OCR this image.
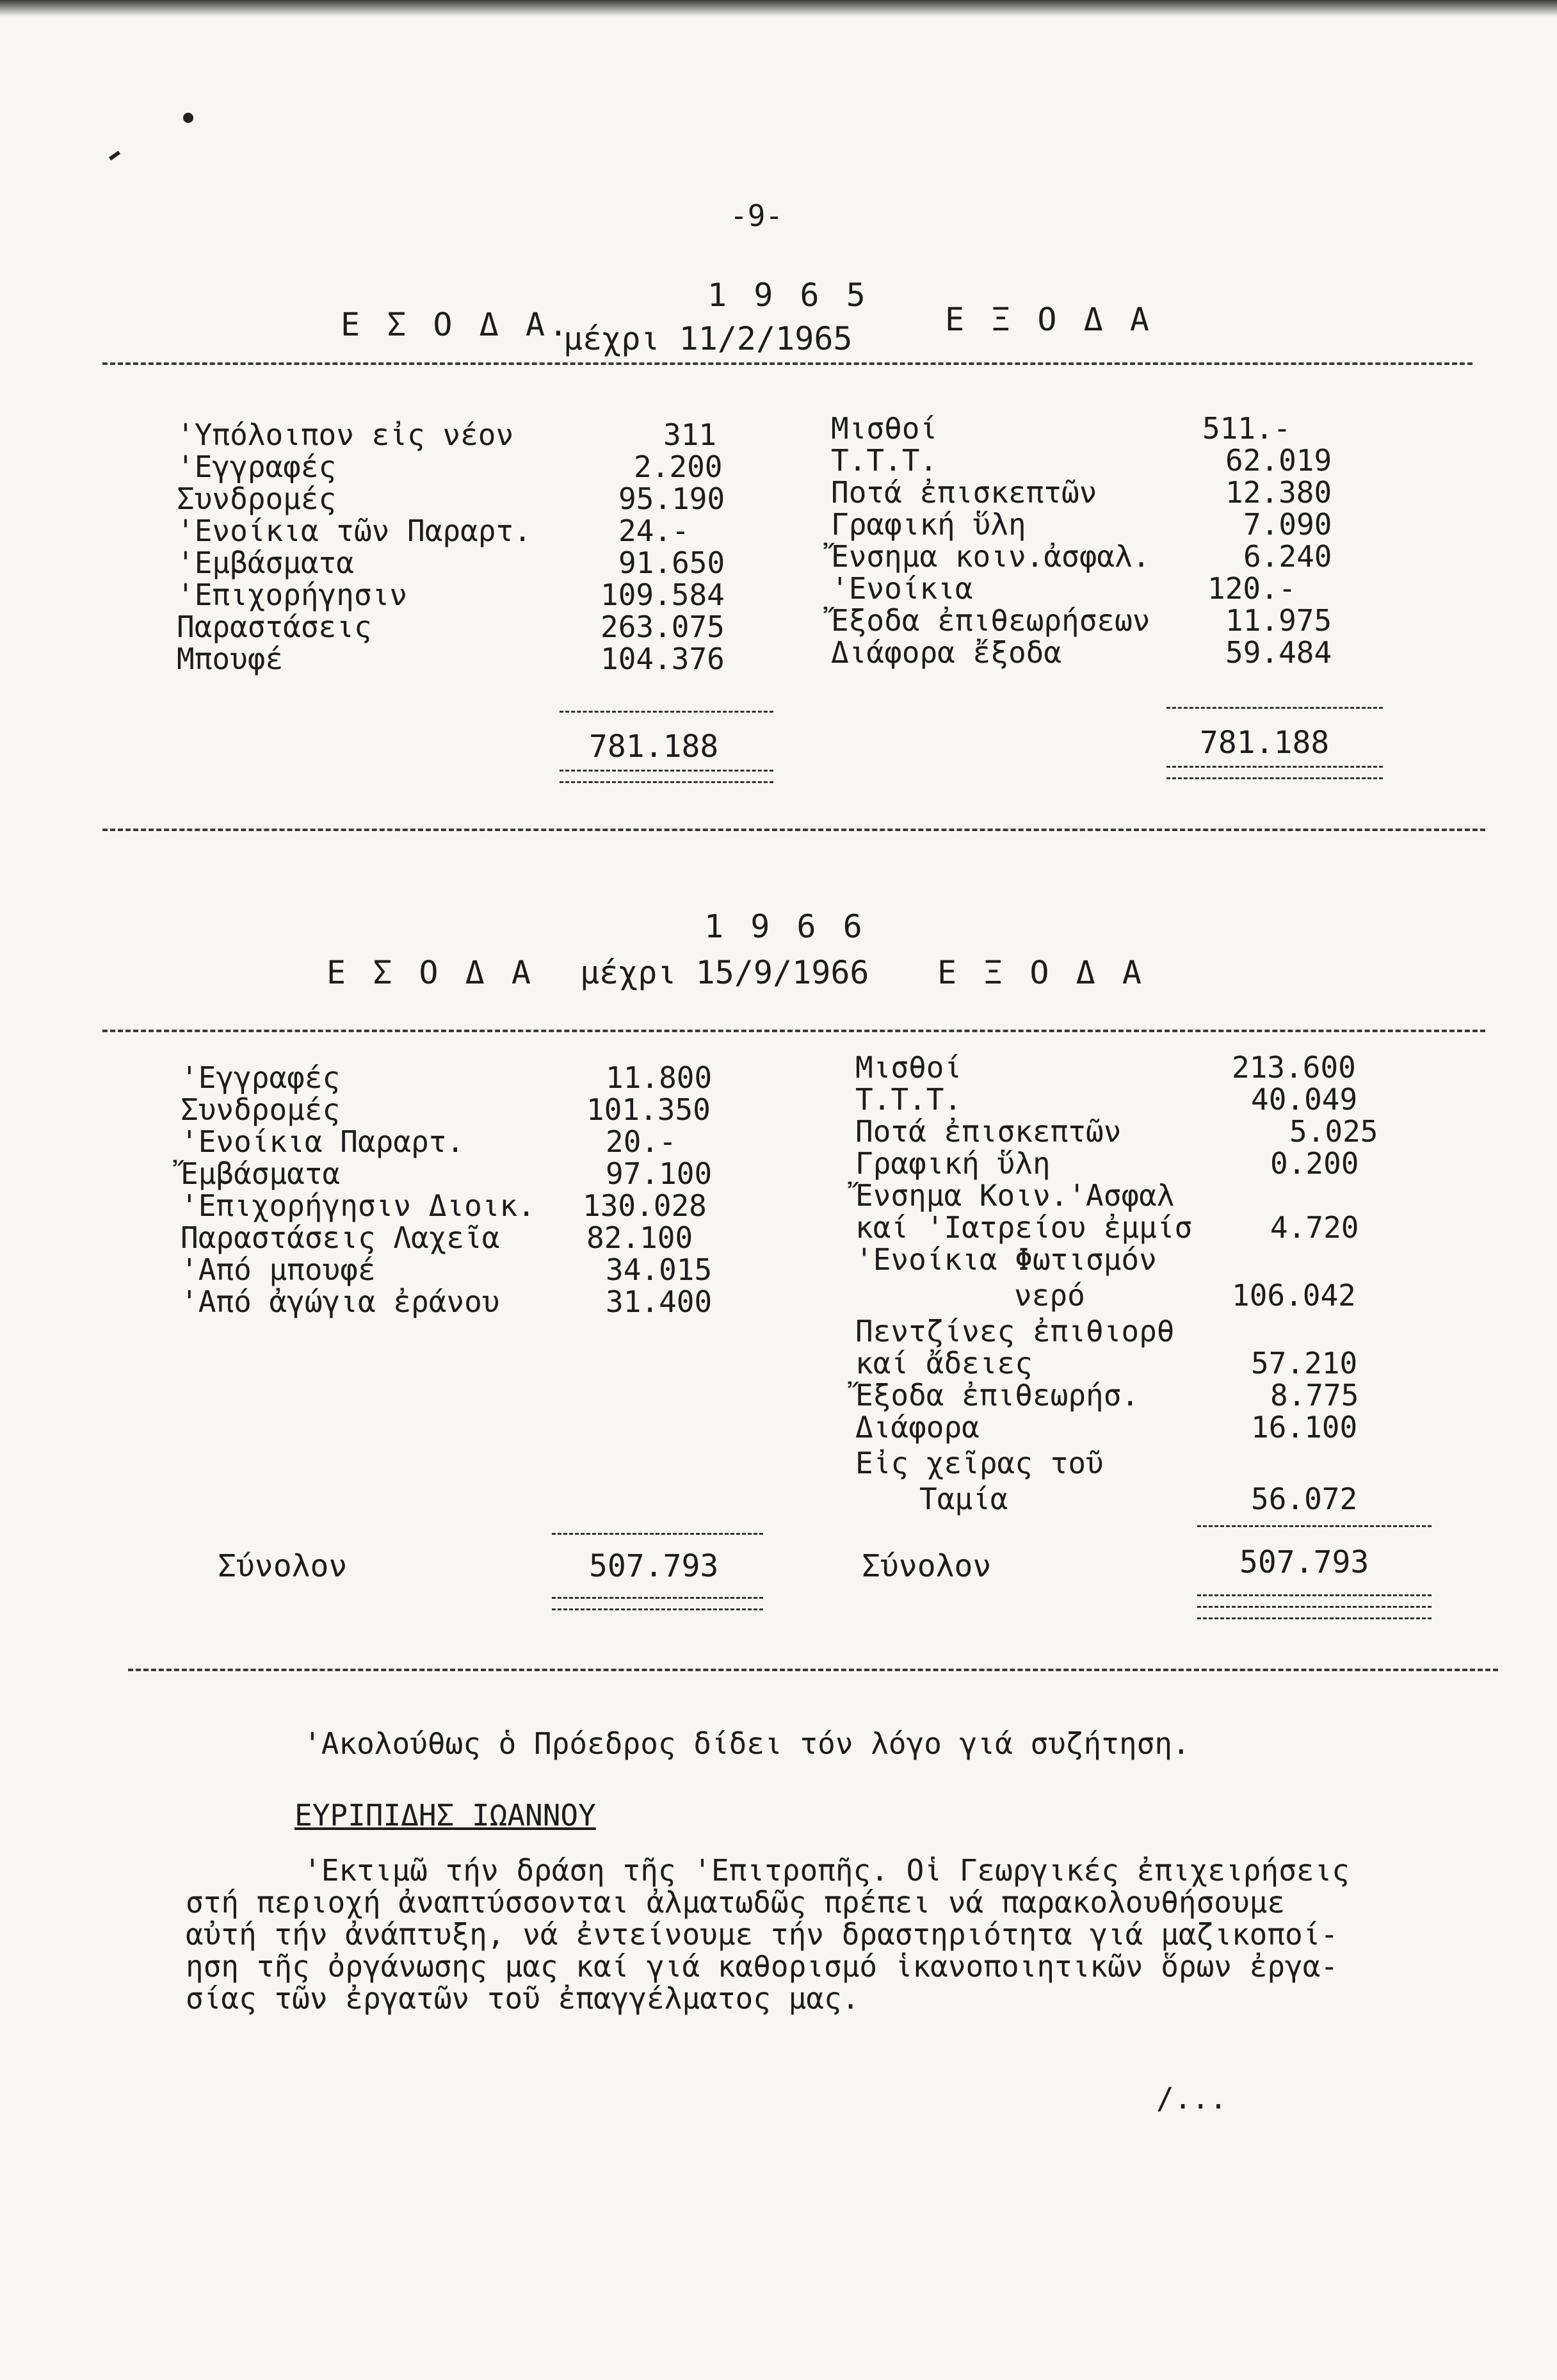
-9-
1 9 6 5
Ε Σ Ο Δ Α.
μέχρι 11/2/1965
Ε Ξ Ο Δ Α
'Υπόλοιπον εἰς νέον	311
'Εγγραφές	2.200
Συνδρομές	95.190
'Ενοίκια τῶν Παραρτ.	24.-
'Εμβάσματα	91.650
'Επιχορήγησιν	109.584
Παραστάσεις	263.075
Μπουφέ	104.376
Μισθοί	511.-
Τ.Τ.Τ.	62.019
Ποτά ἐπισκεπτῶν	12.380
Γραφική ὕλη	7.090
Ἔνσημα κοιν.ἀσφαλ.	6.240
'Ενοίκια	120.-
Ἔξοδα ἐπιθεωρήσεων	11.975
Διάφορα ἔξοδα	59.484
781.188	781.188
1 9 6 6
Ε Σ Ο Δ Α μέχρι 15/9/1966 Ε Ξ Ο Δ Α
'Εγγραφές	11.800
Συνδρομές	101.350
'Ενοίκια Παραρτ.	20.-
Ἔμβάσματα	97.100
'Επιχορήγησιν Διοικ. 130.028
Παραστάσεις Λαχεῖα	82.100
'Από μπουφέ	34.015
'Από ἀγώγια ἐράνου	31.400
Μισθοί	213.600
Τ.Τ.Τ.	40.049
Ποτά ἐπισκεπτῶν	5.025
Γραφική ὕλη	0.200
Ἔνσημα Κοιν.'Ασφαλ
καί 'Ιατρείου ἐμμίσ	4.720
'Ενοίκια Φωτισμόν
νερό	106.042
Πεντζίνες ἐπιθιορθ
καί ἄδειες	57.210
Ἔξοδα ἐπιθεωρήσ.	8.775
Διάφορα	16.100
Εἰς χεῖρας τοῦ
Ταμία	56.072
Σύνολον	507.793	Σύνολον	507.793
'Ακολούθως ὁ Πρόεδρος δίδει τόν λόγο γιά συζήτηση.
ΕΥΡΙΠΙΔΗΣ ΙΩΑΝΝΟΥ
'Εκτιμῶ τήν δράση τῆς 'Επιτροπῆς. Οἱ Γεωργικές ἐπιχειρήσεις
στή περιοχή ἀναπτύσσονται ἀλματωδῶς πρέπει νά παρακολουθήσουμε
αὐτή τήν ἀνάπτυξη, νά ἐντείνουμε τήν δραστηριότητα γιά μαζικοποί-
ηση τῆς ὀργάνωσης μας καί γιά καθορισμό ἱκανοποιητικῶν ὅρων ἐργα-
σίας τῶν ἐργατῶν τοῦ ἐπαγγέλματος μας.
/...
